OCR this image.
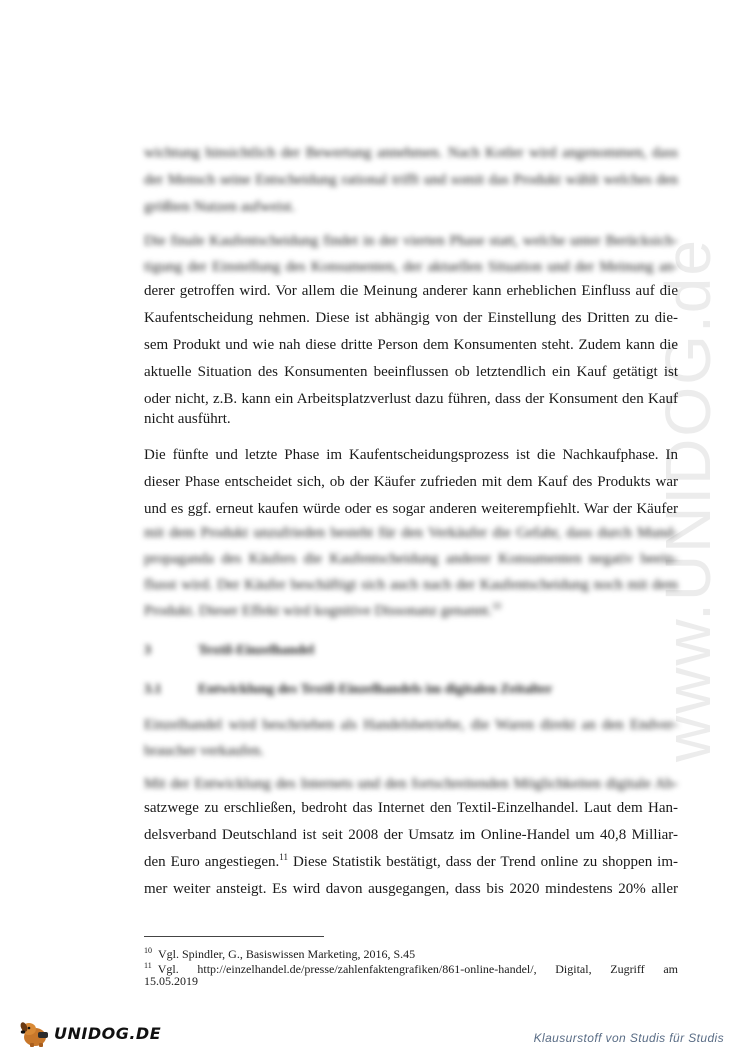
www.UNIDOG.de
wichtung hinsichtlich der Bewertung annehmen. Nach Kotler wird angenommen, dass
der Mensch seine Entscheidung rational trifft und somit das Produkt wählt welches den
größten Nutzen aufweist.
Die finale Kaufentscheidung findet in der vierten Phase statt, welche unter Berücksich-
tigung der Einstellung des Konsumenten, der aktuellen Situation und der Meinung an-
derer getroffen wird. Vor allem die Meinung anderer kann erheblichen Einfluss auf die
Kaufentscheidung nehmen. Diese ist abhängig von der Einstellung des Dritten zu die-
sem Produkt und wie nah diese dritte Person dem Konsumenten steht. Zudem kann die
aktuelle Situation des Konsumenten beeinflussen ob letztendlich ein Kauf getätigt ist
oder nicht, z.B. kann ein Arbeitsplatzverlust dazu führen, dass der Konsument den Kauf
nicht ausführt.
Die fünfte und letzte Phase im Kaufentscheidungsprozess ist die Nachkaufphase. In
dieser Phase entscheidet sich, ob der Käufer zufrieden mit dem Kauf des Produkts war
und es ggf. erneut kaufen würde oder es sogar anderen weiterempfiehlt. War der Käufer
mit dem Produkt unzufrieden besteht für den Verkäufer die Gefahr, dass durch Mund-
propaganda des Käufers die Kaufentscheidung anderer Konsumenten negativ beein-
flusst wird. Der Käufer beschäftigt sich auch nach der Kaufentscheidung noch mit dem
Produkt. Dieser Effekt wird kognitive Dissonanz genannt.$^{10}$
3	Textil-Einzelhandel
3.1	Entwicklung des Textil-Einzelhandels im digitalen Zeitalter
Einzelhandel wird beschrieben als Handelsbetriebe, die Waren direkt an den Endver-
braucher verkaufen.
Mit der Entwicklung des Internets und den fortschreitenden Möglichkeiten digitale Ab-
satzwege zu erschließen, bedroht das Internet den Textil-Einzelhandel. Laut dem Han-
delsverband Deutschland ist seit 2008 der Umsatz im Online-Handel um 40,8 Milliar-
den Euro angestiegen.$^{11}$ Diese Statistik bestätigt, dass der Trend online zu shoppen im-
mer weiter ansteigt. Es wird davon ausgegangen, dass bis 2020 mindestens 20% aller
$^{10}$ Vgl. Spindler, G., Basiswissen Marketing, 2016, S.45
$^{11}$ Vgl. http://einzelhandel.de/presse/zahlenfaktengrafiken/861-online-handel/, Digital, Zugriff am
15.05.2019
UNIDOG.DE	Klausurstoff von Studis für Studis
